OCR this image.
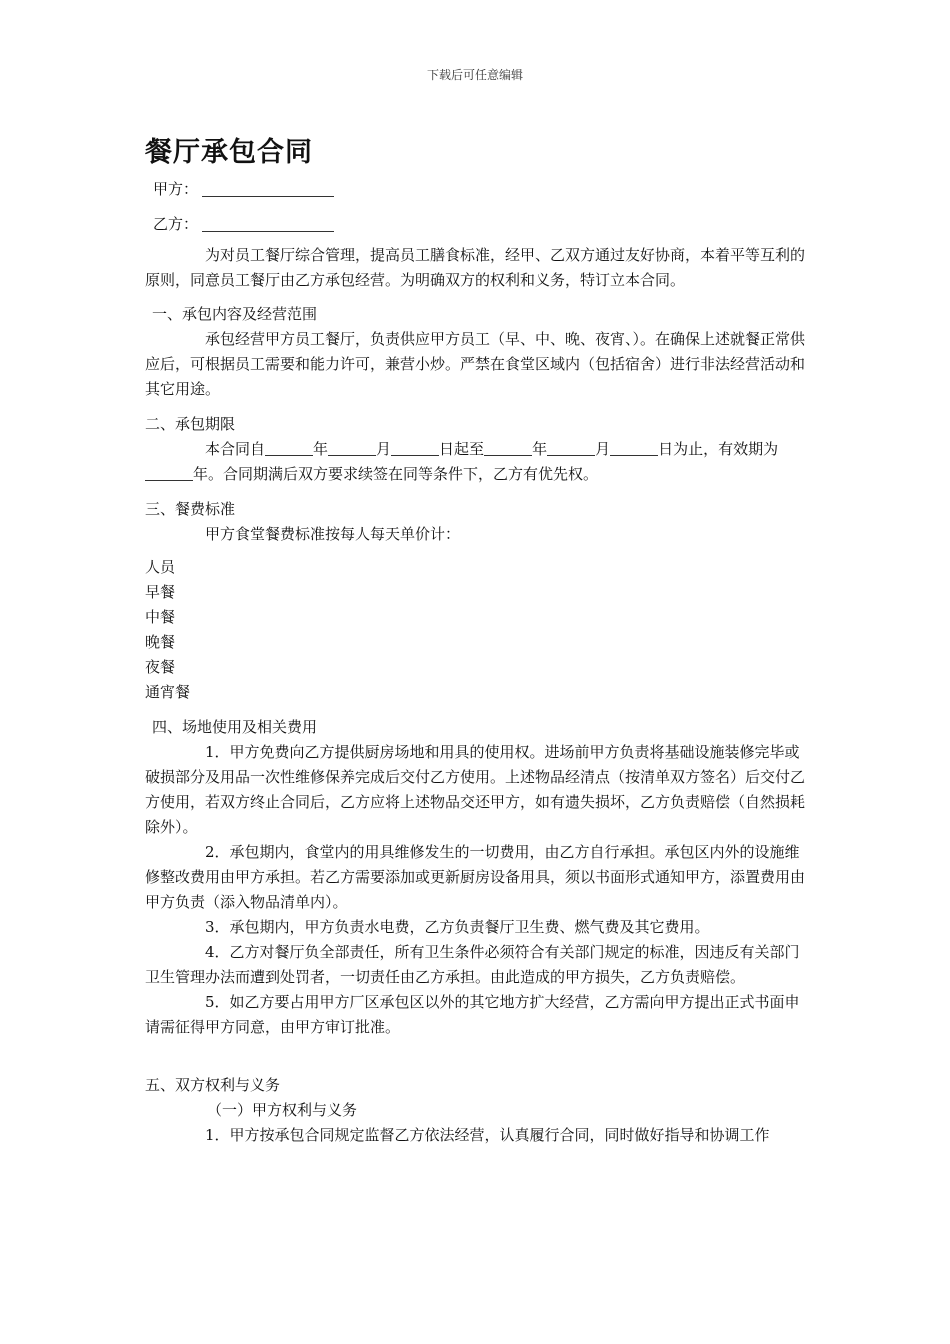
下载后可任意编辑
餐厅承包合同
甲方：
乙方：

为对员工餐厅综合管理，提高员工膳食标准，经甲、乙双方通过友好协商，本着平等互利的原则，同意员工餐厅由乙方承包经营。为明确双方的权利和义务，特订立本合同。

一、承包内容及经营范围

承包经营甲方员工餐厅，负责供应甲方员工（早、中、晚、夜宵、）。在确保上述就餐正常供应后，可根据员工需要和能力许可，兼营小炒。严禁在食堂区域内（包括宿舍）进行非法经营活动和其它用途。

二、承包期限

本合同自	年	月	日起至	年	月	日为止，有效期为年。合同期满后双方要求续签在同等条件下，乙方有优先权。

三、餐费标准

甲方食堂餐费标准按每人每天单价计：

人员

早餐

中餐

晚餐

夜餐

通宵餐

四、场地使用及相关费用

1．甲方免费向乙方提供厨房场地和用具的使用权。进场前甲方负责将基础设施装修完毕或破损部分及用品一次性维修保养完成后交付乙方使用。上述物品经清点（按清单双方签名）后交付乙方使用，若双方终止合同后，乙方应将上述物品交还甲方，如有遗失损坏，乙方负责赔偿（自然损耗除外）。

2．承包期内，食堂内的用具维修发生的一切费用，由乙方自行承担。承包区内外的设施维修整改费用由甲方承担。若乙方需要添加或更新厨房设备用具，须以书面形式通知甲方，添置费用由甲方负责（添入物品清单内）。

3．承包期内，甲方负责水电费，乙方负责餐厅卫生费、燃气费及其它费用。

4．乙方对餐厅负全部责任，所有卫生条件必须符合有关部门规定的标准，因违反有关部门卫生管理办法而遭到处罚者，一切责任由乙方承担。由此造成的甲方损失，乙方负责赔偿。

5．如乙方要占用甲方厂区承包区以外的其它地方扩大经营，乙方需向甲方提出正式书面申请需征得甲方同意，由甲方审订批准。

五、双方权利与义务

（一）甲方权利与义务

1．甲方按承包合同规定监督乙方依法经营，认真履行合同，同时做好指导和协调工作
